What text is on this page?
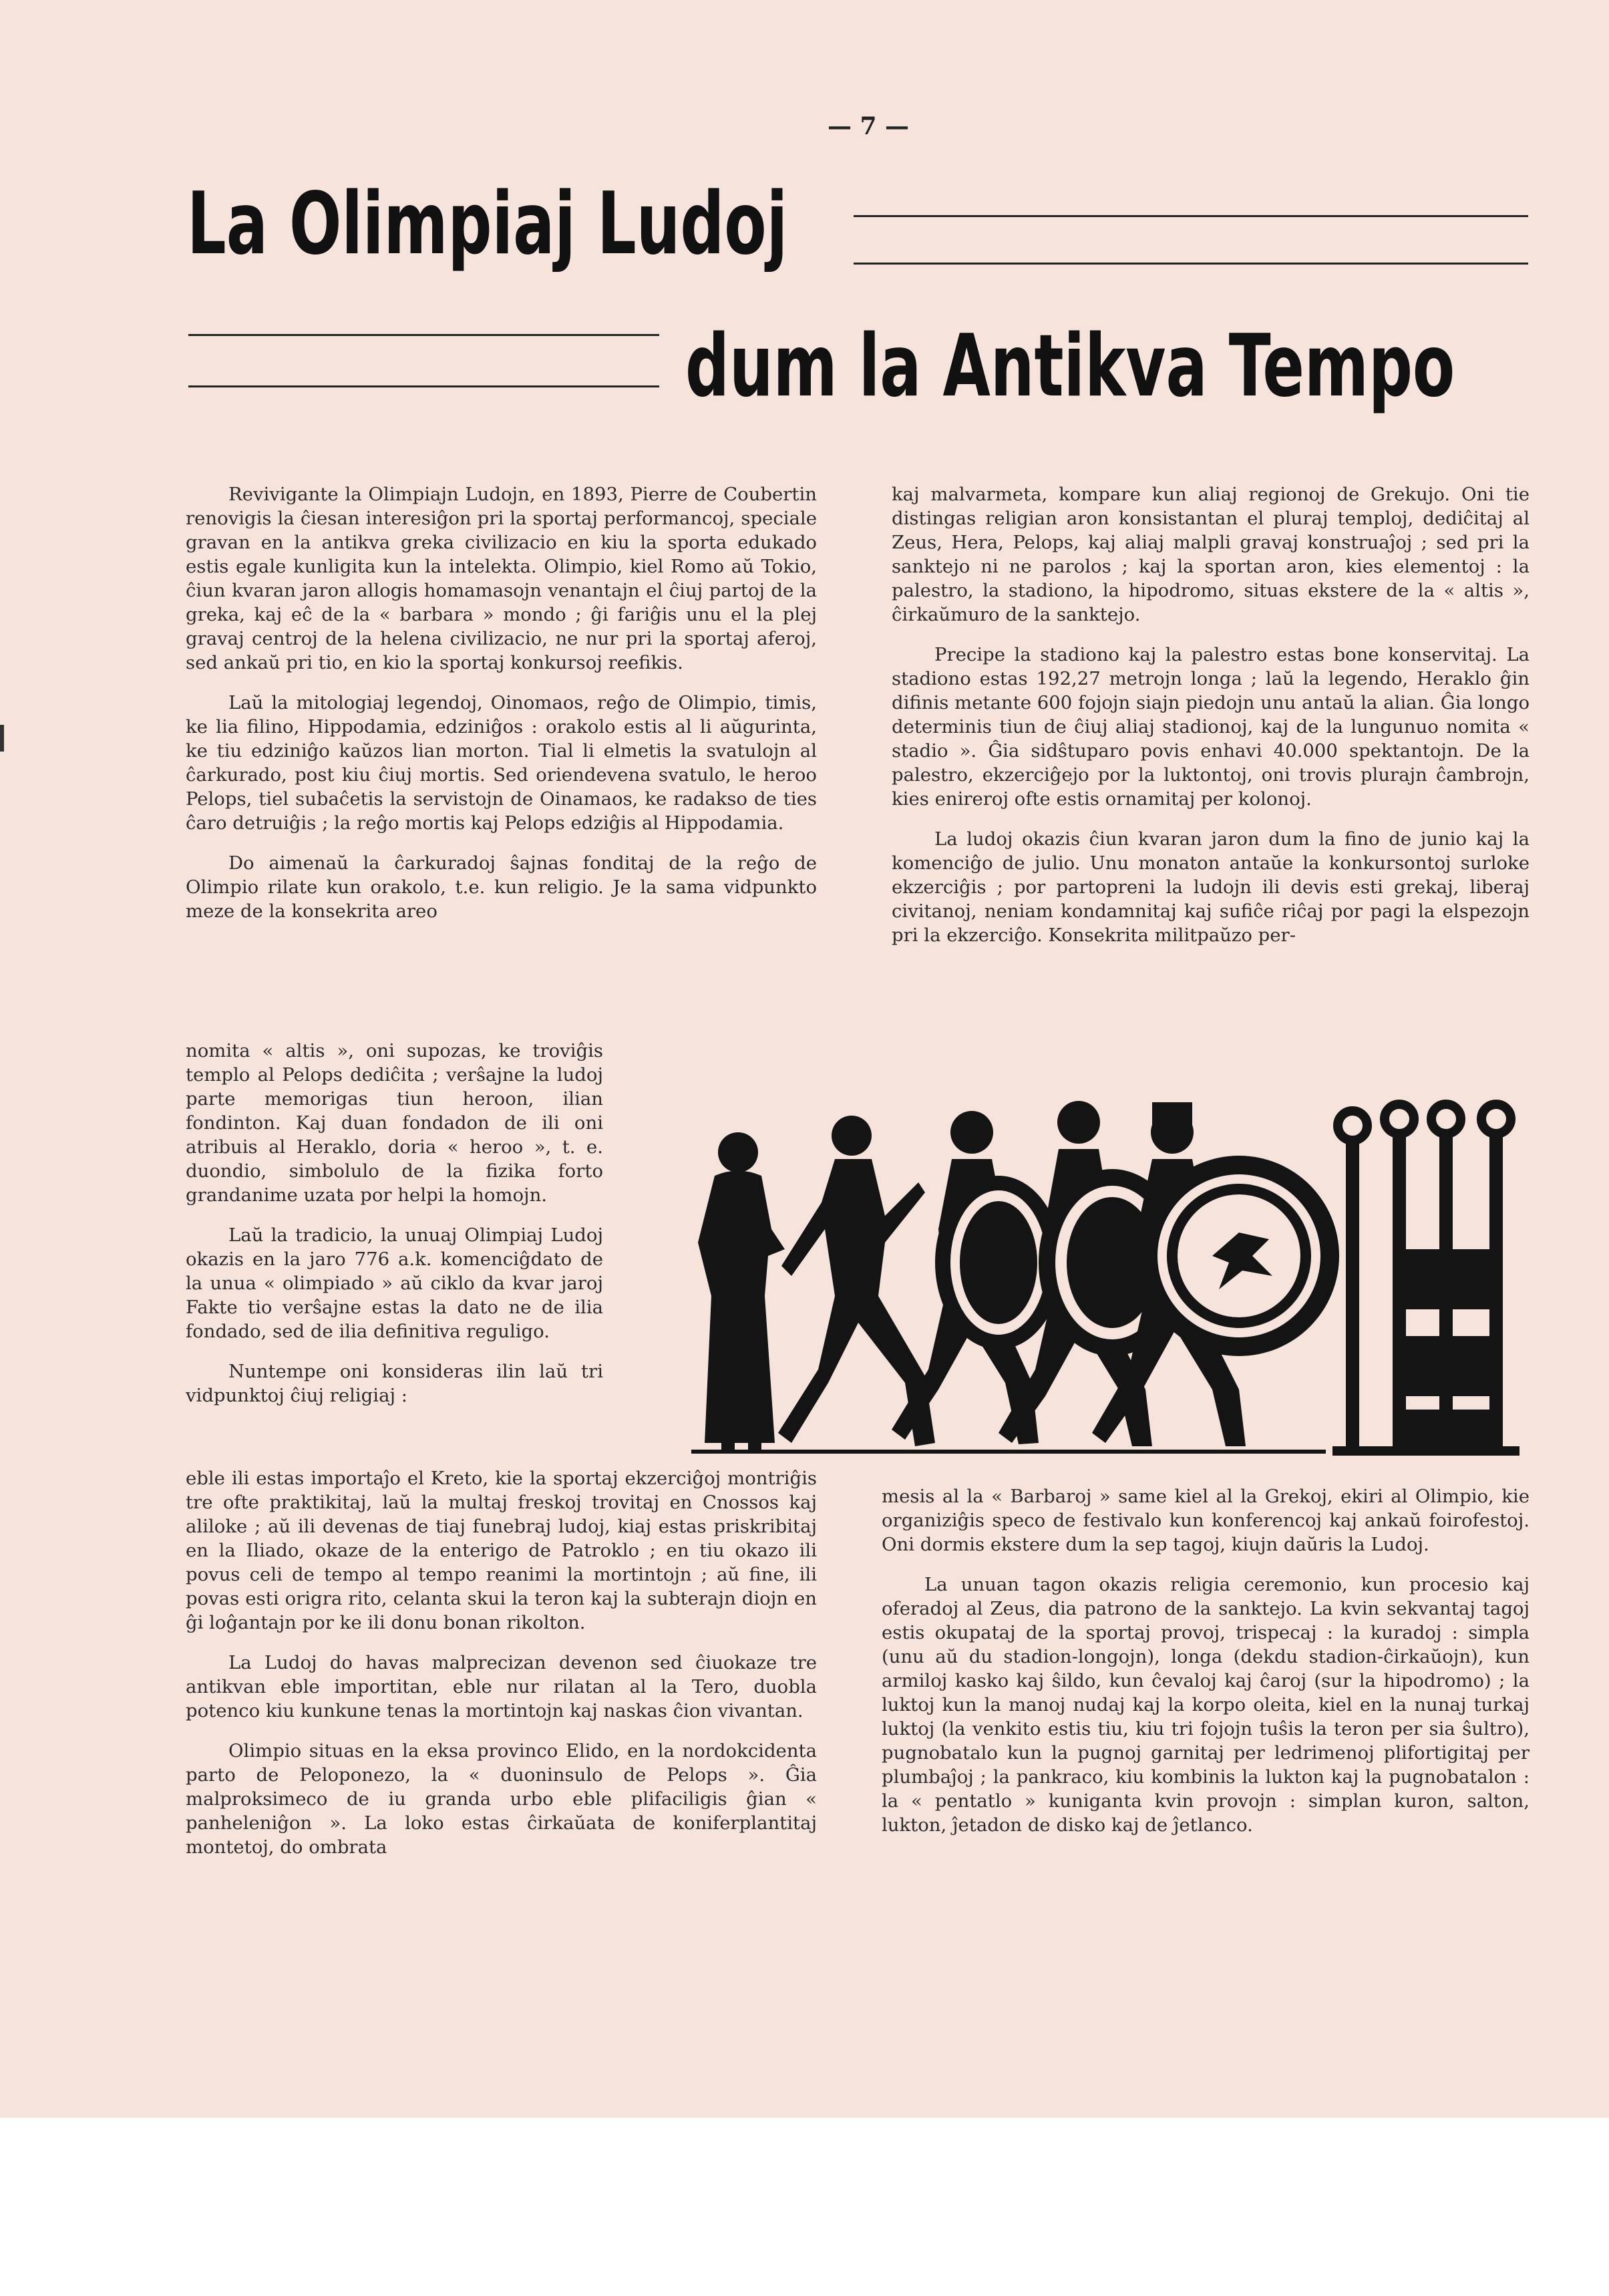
— 7 —
La Olimpiaj Ludoj
dum la Antikva Tempo

Revivigante la Olimpiajn Ludojn, en 1893, Pierre de Coubertin renovigis la ĉiesan interesiĝon pri la sportaj performancoj, speciale gravan en la antikva greka civilizacio en kiu la sporta edukado estis egale kunligita kun la intelekta. Olimpio, kiel Romo aŭ Tokio, ĉiun kvaran jaron allogis homamasojn venantajn el ĉiuj partoj de la greka, kaj eĉ de la « barbara » mondo ; ĝi fariĝis unu el la plej gravaj centroj de la helena civilizacio, ne nur pri la sportaj aferoj, sed ankaŭ pri tio, en kio la sportaj konkursoj reefikis.

Laŭ la mitologiaj legendoj, Oinomaos, reĝo de Olimpio, timis, ke lia filino, Hippodamia, edziniĝos : orakolo estis al li aŭgurinta, ke tiu edziniĝo kaŭzos lian morton. Tial li elmetis la svatulojn al ĉarkurado, post kiu ĉiuj mortis. Sed oriendevena svatulo, le heroo Pelops, tiel subaĉetis la servistojn de Oinamaos, ke radakso de ties ĉaro detruiĝis ; la reĝo mortis kaj Pelops edziĝis al Hippodamia.

Do aimenaŭ la ĉarkuradoj ŝajnas fonditaj de la reĝo de Olimpio rilate kun orakolo, t.e. kun religio. Je la sama vidpunkto meze de la konsekrita areo

nomita « altis », oni supozas, ke troviĝis templo al Pelops dediĉita ; verŝajne la ludoj parte memorigas tiun heroon, ilian fondinton. Kaj duan fondadon de ili oni atribuis al Heraklo, doria « heroo », t. e. duondio, simbolulo de la fizika forto grandanime uzata por helpi la homojn.

Laŭ la tradicio, la unuaj Olimpiaj Ludoj okazis en la jaro 776 a.k. komenciĝdato de la unua « olimpiado » aŭ ciklo da kvar jaroj Fakte tio verŝajne estas la dato ne de ilia fondado, sed de ilia definitiva reguligo.

Nuntempe oni konsideras ilin laŭ tri vidpunktoj ĉiuj religiaj :

eble ili estas importaĵo el Kreto, kie la sportaj ekzerciĝoj montriĝis tre ofte praktikitaj, laŭ la multaj freskoj trovitaj en Cnossos kaj aliloke ; aŭ ili devenas de tiaj funebraj ludoj, kiaj estas priskribitaj en la Iliado, okaze de la enterigo de Patroklo ; en tiu okazo ili povus celi de tempo al tempo reanimi la mortintojn ; aŭ fine, ili povas esti origra rito, celanta skui la teron kaj la subterajn diojn en ĝi loĝantajn por ke ili donu bonan rikolton.

La Ludoj do havas malprecizan devenon sed ĉiuokaze tre antikvan eble importitan, eble nur rilatan al la Tero, duobla potenco kiu kunkune tenas la mortintojn kaj naskas ĉion vivantan.

Olimpio situas en la eksa provinco Elido, en la nordokcidenta parto de Peloponezo, la « duoninsulo de Pelops ». Ĝia malproksimeco de iu granda urbo eble plifaciligis ĝian « panheleniĝon ». La loko estas ĉirkaŭata de koniferplantitaj montetoj, do ombrata

kaj malvarmeta, kompare kun aliaj regionoj de Grekujo. Oni tie distingas religian aron konsistantan el pluraj temploj, dediĉitaj al Zeus, Hera, Pelops, kaj aliaj malpli gravaj konstruaĵoj ; sed pri la sanktejo ni ne parolos ; kaj la sportan aron, kies elementoj : la palestro, la stadiono, la hipodromo, situas ekstere de la « altis », ĉirkaŭmuro de la sanktejo.

Precipe la stadiono kaj la palestro estas bone konservitaj. La stadiono estas 192,27 metrojn longa ; laŭ la legendo, Heraklo ĝin difinis metante 600 fojojn siajn piedojn unu antaŭ la alian. Ĝia longo determinis tiun de ĉiuj aliaj stadionoj, kaj de la lungunuo nomita « stadio ». Ĝia sidŝtuparo povis enhavi 40.000 spektantojn. De la palestro, ekzerciĝejo por la luktontoj, oni trovis plurajn ĉambrojn, kies enireroj ofte estis ornamitaj per kolonoj.

La ludoj okazis ĉiun kvaran jaron dum la fino de junio kaj la komenciĝo de julio. Unu monaton antaŭe la konkursontoj surloke ekzerciĝis ; por partopreni la ludojn ili devis esti grekaj, liberaj civitanoj, neniam kondamnitaj kaj sufiĉe riĉaj por pagi la elspezojn pri la ekzerciĝo. Konsekrita militpaŭzo per-

mesis al la « Barbaroj » same kiel al la Grekoj, ekiri al Olimpio, kie organiziĝis speco de festivalo kun konferencoj kaj ankaŭ foirofestoj. Oni dormis ekstere dum la sep tagoj, kiujn daŭris la Ludoj.

La unuan tagon okazis religia ceremonio, kun procesio kaj oferadoj al Zeus, dia patrono de la sanktejo. La kvin sekvantaj tagoj estis okupataj de la sportaj provoj, trispecaj : la kuradoj : simpla (unu aŭ du stadion-longojn), longa (dekdu stadion-ĉirkaŭojn), kun armiloj kasko kaj ŝildo, kun ĉevaloj kaj ĉaroj (sur la hipodromo) ; la luktoj kun la manoj nudaj kaj la korpo oleita, kiel en la nunaj turkaj luktoj (la venkito estis tiu, kiu tri fojojn tuŝis la teron per sia ŝultro), pugnobatalo kun la pugnoj garnitaj per ledrimenoj plifortigitaj per plumbaĵoj ; la pankraco, kiu kombinis la lukton kaj la pugnobatalon : la « pentatlo » kuniganta kvin provojn : simplan kuron, salton, lukton, ĵetadon de disko kaj de ĵetlanco.
